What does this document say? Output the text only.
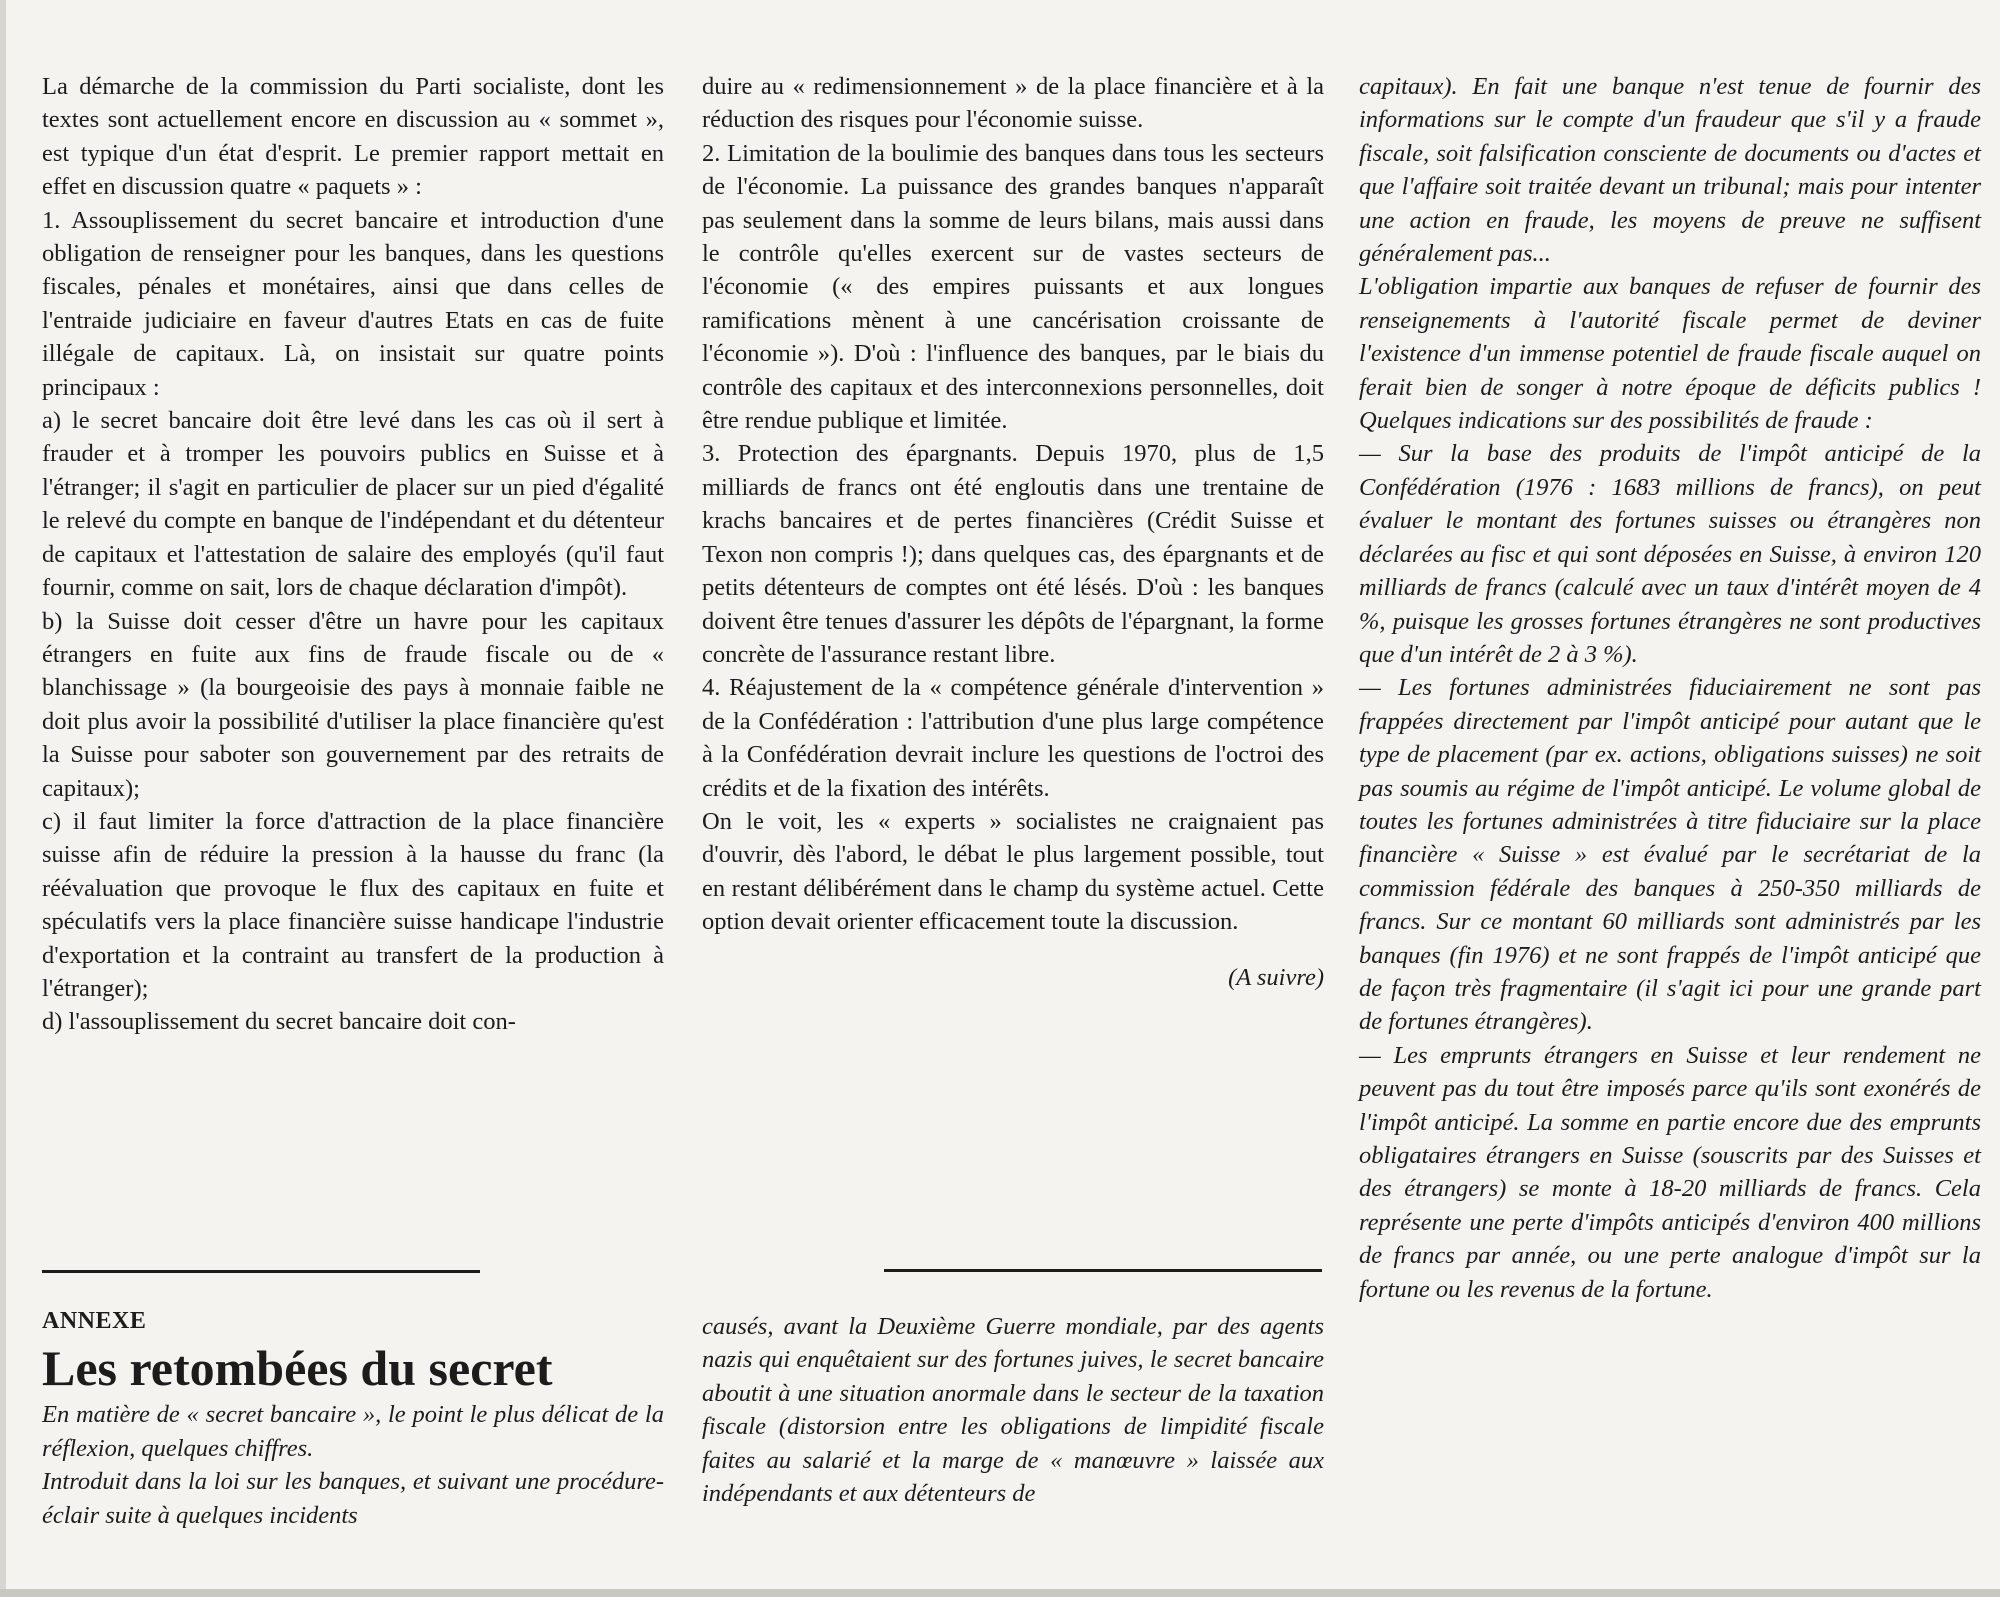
La démarche de la commission du Parti socialiste, dont les textes sont actuellement encore en discussion au « sommet », est typique d'un état d'esprit. Le premier rapport mettait en effet en discussion quatre « paquets » :

1. Assouplissement du secret bancaire et introduction d'une obligation de renseigner pour les banques, dans les questions fiscales, pénales et monétaires, ainsi que dans celles de l'entraide judiciaire en faveur d'autres Etats en cas de fuite illégale de capitaux. Là, on insistait sur quatre points principaux :

a) le secret bancaire doit être levé dans les cas où il sert à frauder et à tromper les pouvoirs publics en Suisse et à l'étranger; il s'agit en particulier de placer sur un pied d'égalité le relevé du compte en banque de l'indépendant et du détenteur de capitaux et l'attestation de salaire des employés (qu'il faut fournir, comme on sait, lors de chaque déclaration d'impôt).

b) la Suisse doit cesser d'être un havre pour les capitaux étrangers en fuite aux fins de fraude fiscale ou de « blanchissage » (la bourgeoisie des pays à monnaie faible ne doit plus avoir la possibilité d'utiliser la place financière qu'est la Suisse pour saboter son gouvernement par des retraits de capitaux);

c) il faut limiter la force d'attraction de la place financière suisse afin de réduire la pression à la hausse du franc (la réévaluation que provoque le flux des capitaux en fuite et spéculatifs vers la place financière suisse handicape l'industrie d'exportation et la contraint au transfert de la production à l'étranger);

d) l'assouplissement du secret bancaire doit con-

duire au « redimensionnement » de la place financière et à la réduction des risques pour l'économie suisse.

2. Limitation de la boulimie des banques dans tous les secteurs de l'économie. La puissance des grandes banques n'apparaît pas seulement dans la somme de leurs bilans, mais aussi dans le contrôle qu'elles exercent sur de vastes secteurs de l'économie (« des empires puissants et aux longues ramifications mènent à une cancérisation croissante de l'économie »). D'où : l'influence des banques, par le biais du contrôle des capitaux et des interconnexions personnelles, doit être rendue publique et limitée.

3. Protection des épargnants. Depuis 1970, plus de 1,5 milliards de francs ont été engloutis dans une trentaine de krachs bancaires et de pertes financières (Crédit Suisse et Texon non compris !); dans quelques cas, des épargnants et de petits détenteurs de comptes ont été lésés. D'où : les banques doivent être tenues d'assurer les dépôts de l'épargnant, la forme concrète de l'assurance restant libre.

4. Réajustement de la « compétence générale d'intervention » de la Confédération : l'attribution d'une plus large compétence à la Confédération devrait inclure les questions de l'octroi des crédits et de la fixation des intérêts.

On le voit, les « experts » socialistes ne craignaient pas d'ouvrir, dès l'abord, le débat le plus largement possible, tout en restant délibérément dans le champ du système actuel. Cette option devait orienter efficacement toute la discussion.

(A suivre)

ANNEXE

Les retombées du secret

En matière de « secret bancaire », le point le plus délicat de la réflexion, quelques chiffres.

Introduit dans la loi sur les banques, et suivant une procédure-éclair suite à quelques incidents

causés, avant la Deuxième Guerre mondiale, par des agents nazis qui enquêtaient sur des fortunes juives, le secret bancaire aboutit à une situation anormale dans le secteur de la taxation fiscale (distorsion entre les obligations de limpidité fiscale faites au salarié et la marge de « manœuvre » laissée aux indépendants et aux détenteurs de

capitaux). En fait une banque n'est tenue de fournir des informations sur le compte d'un fraudeur que s'il y a fraude fiscale, soit falsification consciente de documents ou d'actes et que l'affaire soit traitée devant un tribunal; mais pour intenter une action en fraude, les moyens de preuve ne suffisent généralement pas...

L'obligation impartie aux banques de refuser de fournir des renseignements à l'autorité fiscale permet de deviner l'existence d'un immense potentiel de fraude fiscale auquel on ferait bien de songer à notre époque de déficits publics ! Quelques indications sur des possibilités de fraude :

— Sur la base des produits de l'impôt anticipé de la Confédération (1976 : 1683 millions de francs), on peut évaluer le montant des fortunes suisses ou étrangères non déclarées au fisc et qui sont déposées en Suisse, à environ 120 milliards de francs (calculé avec un taux d'intérêt moyen de 4 %, puisque les grosses fortunes étrangères ne sont productives que d'un intérêt de 2 à 3 %).

— Les fortunes administrées fiduciairement ne sont pas frappées directement par l'impôt anticipé pour autant que le type de placement (par ex. actions, obligations suisses) ne soit pas soumis au régime de l'impôt anticipé. Le volume global de toutes les fortunes administrées à titre fiduciaire sur la place financière « Suisse » est évalué par le secrétariat de la commission fédérale des banques à 250-350 milliards de francs. Sur ce montant 60 milliards sont administrés par les banques (fin 1976) et ne sont frappés de l'impôt anticipé que de façon très fragmentaire (il s'agit ici pour une grande part de fortunes étrangères).

— Les emprunts étrangers en Suisse et leur rendement ne peuvent pas du tout être imposés parce qu'ils sont exonérés de l'impôt anticipé. La somme en partie encore due des emprunts obligataires étrangers en Suisse (souscrits par des Suisses et des étrangers) se monte à 18-20 milliards de francs. Cela représente une perte d'impôts anticipés d'environ 400 millions de francs par année, ou une perte analogue d'impôt sur la fortune ou les revenus de la fortune.
